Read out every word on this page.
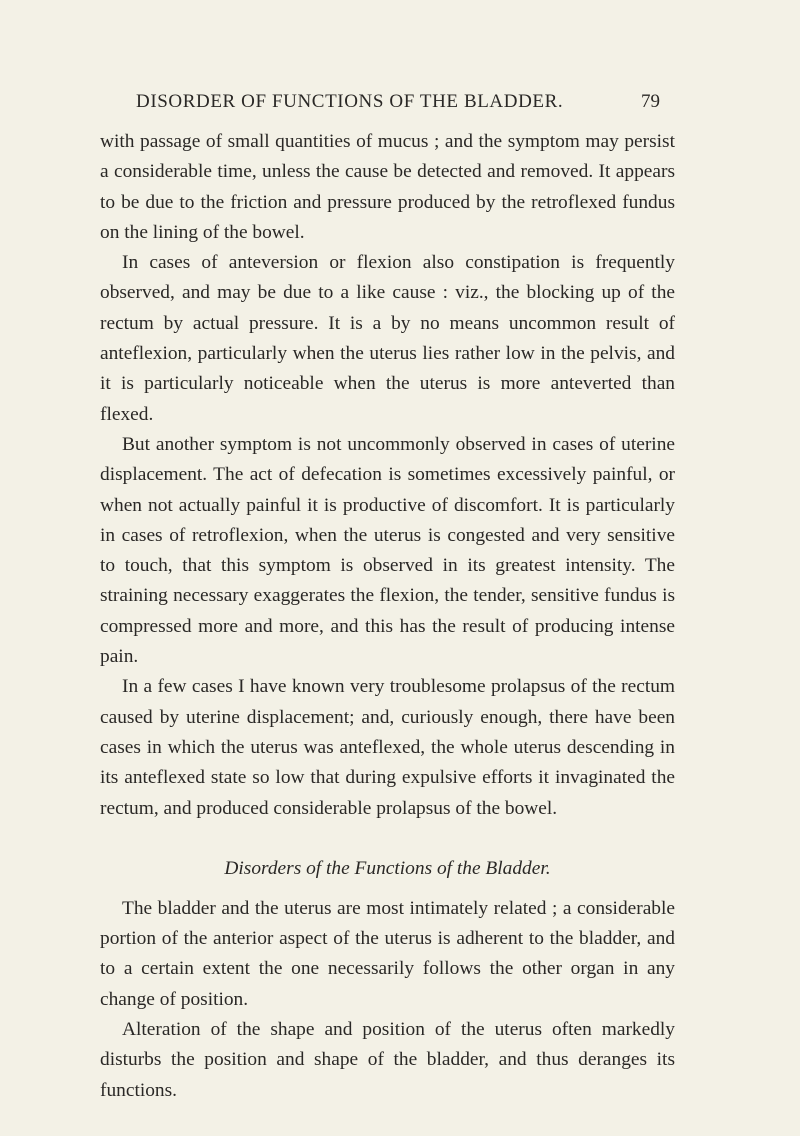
DISORDER OF FUNCTIONS OF THE BLADDER.	79

with passage of small quantities of mucus ; and the symptom may persist a considerable time, unless the cause be detected and removed. It appears to be due to the friction and pressure produced by the retroflexed fundus on the lining of the bowel.

In cases of anteversion or flexion also constipation is frequently observed, and may be due to a like cause : viz., the blocking up of the rectum by actual pressure. It is a by no means uncommon result of anteflexion, particularly when the uterus lies rather low in the pelvis, and it is particularly noticeable when the uterus is more anteverted than flexed.

But another symptom is not uncommonly observed in cases of uterine displacement. The act of defecation is sometimes excessively painful, or when not actually painful it is productive of discomfort. It is particularly in cases of retroflexion, when the uterus is congested and very sensitive to touch, that this symptom is observed in its greatest intensity. The straining necessary exaggerates the flexion, the tender, sensitive fundus is compressed more and more, and this has the result of producing intense pain.

In a few cases I have known very troublesome prolapsus of the rectum caused by uterine displacement; and, curiously enough, there have been cases in which the uterus was anteflexed, the whole uterus descending in its anteflexed state so low that during expulsive efforts it invaginated the rectum, and produced considerable prolapsus of the bowel.

Disorders of the Functions of the Bladder.

The bladder and the uterus are most intimately related ; a considerable portion of the anterior aspect of the uterus is adherent to the bladder, and to a certain extent the one necessarily follows the other organ in any change of position.

Alteration of the shape and position of the uterus often markedly disturbs the position and shape of the bladder, and thus deranges its functions.
